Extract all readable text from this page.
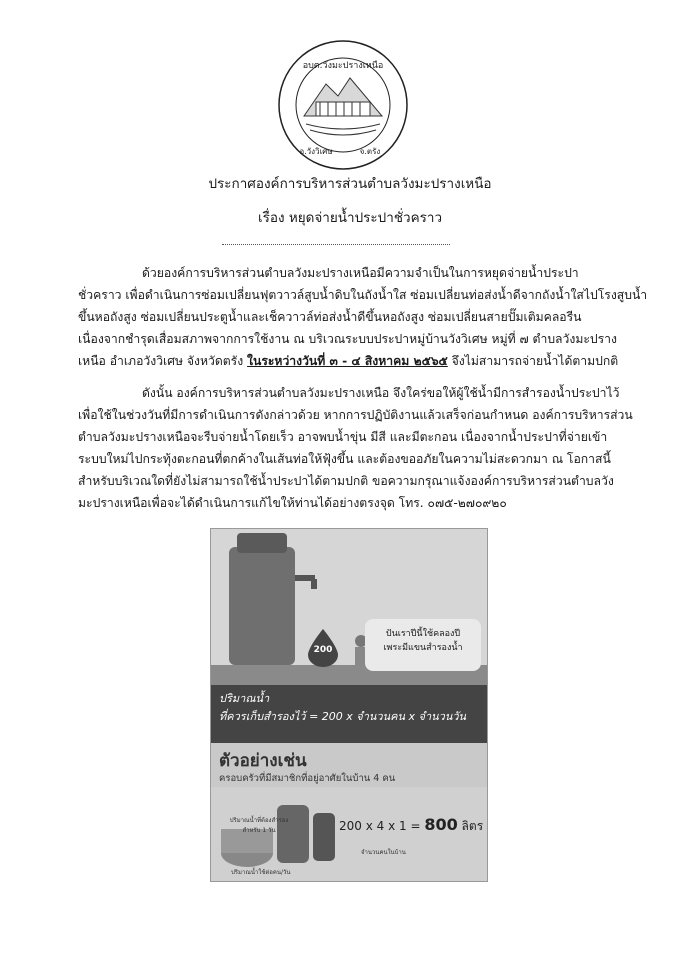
อบต.วังมะปรางเหนือ
อ.วังวิเศษ	จ.ตรัง
ประกาศองค์การบริหารส่วนตำบลวังมะปรางเหนือ
เรื่อง หยุดจ่ายน้ำประปาชั่วคราว
ด้วยองค์การบริหารส่วนตำบลวังมะปรางเหนือมีความจำเป็นในการหยุดจ่ายน้ำประปา
ชั่วคราว เพื่อดำเนินการซ่อมเปลี่ยนฟุตวาวล์สูบน้ำดิบในถังน้ำใส ซ่อมเปลี่ยนท่อส่งน้ำดีจากถังน้ำใสไปโรงสูบน้ำ
ขึ้นหอถังสูง ซ่อมเปลี่ยนประตูน้ำและเช็ควาวล์ท่อส่งน้ำดีขึ้นหอถังสูง ซ่อมเปลี่ยนสายปั๊มเติมคลอรีน
เนื่องจากชำรุดเสื่อมสภาพจากการใช้งาน ณ บริเวณระบบประปาหมู่บ้านวังวิเศษ หมู่ที่ ๗ ตำบลวังมะปราง
เหนือ อำเภอวังวิเศษ จังหวัดตรัง ในระหว่างวันที่ ๓ - ๔ สิงหาคม ๒๕๖๕ จึงไม่สามารถจ่ายน้ำได้ตามปกติ
ดังนั้น องค์การบริหารส่วนตำบลวังมะปรางเหนือ จึงใคร่ขอให้ผู้ใช้น้ำมีการสำรองน้ำประปาไว้
เพื่อใช้ในช่วงวันที่มีการดำเนินการดังกล่าวด้วย หากการปฏิบัติงานแล้วเสร็จก่อนกำหนด องค์การบริหารส่วน
ตำบลวังมะปรางเหนือจะรีบจ่ายน้ำโดยเร็ว อาจพบน้ำขุ่น มีสี และมีตะกอน เนื่องจากน้ำประปาที่จ่ายเข้า
ระบบใหม่ไปกระทุ้งตะกอนที่ตกค้างในเส้นท่อให้ฟุ้งขึ้น และต้องขออภัยในความไม่สะดวกมา ณ โอกาสนี้
สำหรับบริเวณใดที่ยังไม่สามารถใช้น้ำประปาได้ตามปกติ ขอความกรุณาแจ้งองค์การบริหารส่วนตำบลวัง
มะปรางเหนือเพื่อจะได้ดำเนินการแก้ไขให้ท่านได้อย่างตรงจุด โทร. ๐๗๕-๒๗๐๙๒๐
ปันเราปีนี้ใช้คลองปี
เพระมีแขนสำรองน้ำ
200
ปริมาณน้ำ
ที่ควรเก็บสำรองไว้ = 200 x จำนวนคน x จำนวนวัน
ตัวอย่างเช่น
ครอบครัวที่มีสมาชิกที่อยู่อาศัยในบ้าน 4 คน
ปริมาณน้ำที่ต้องสำรอง สำหรับ 1 วัน	200 x 4 x 1 = 800 ลิตร
จำนวนคนในบ้าน
ปริมาณน้ำใช้ต่อคน/วัน
